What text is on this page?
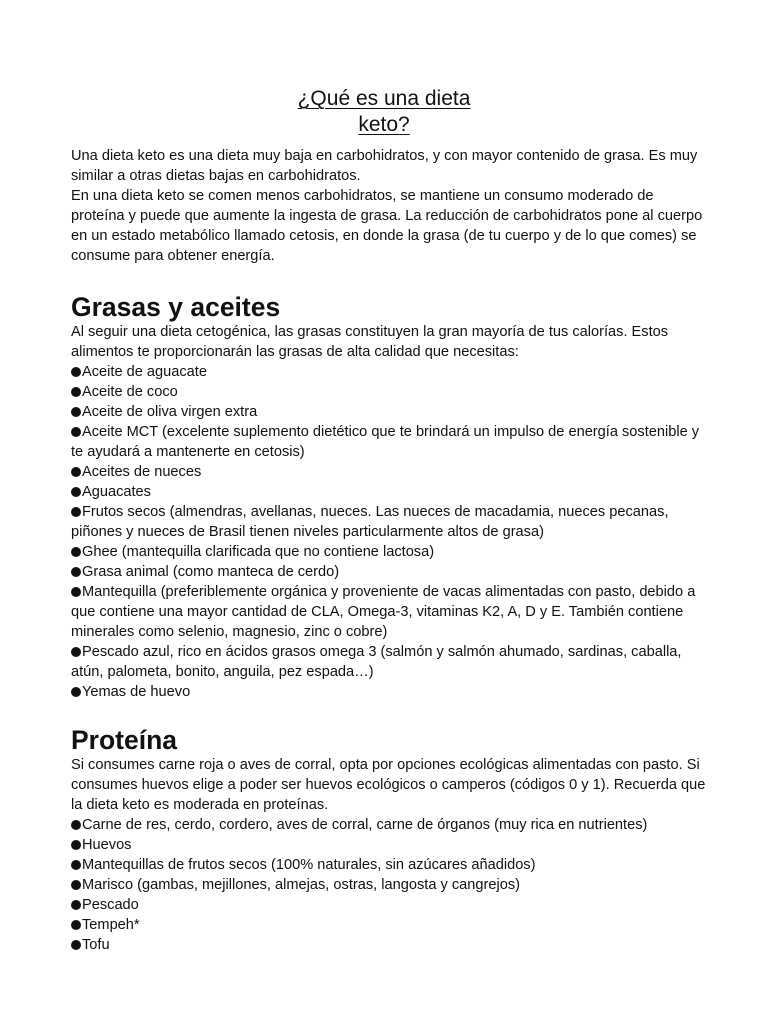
¿Qué es una dieta
keto?

Una dieta keto es una dieta muy baja en carbohidratos, y con mayor contenido de grasa. Es muy similar a otras dietas bajas en carbohidratos.

En una dieta keto se comen menos carbohidratos, se mantiene un consumo moderado de proteína y puede que aumente la ingesta de grasa. La reducción de carbohidratos pone al cuerpo en un estado metabólico llamado cetosis, en donde la grasa (de tu cuerpo y de lo que comes) se consume para obtener energía.

Grasas y aceites

Al seguir una dieta cetogénica, las grasas constituyen la gran mayoría de tus calorías. Estos alimentos te proporcionarán las grasas de alta calidad que necesitas:

Aceite de aguacate
Aceite de coco
Aceite de oliva virgen extra
Aceite MCT (excelente suplemento dietético que te brindará un impulso de energía sostenible y te ayudará a mantenerte en cetosis)
Aceites de nueces
Aguacates
Frutos secos (almendras, avellanas, nueces. Las nueces de macadamia, nueces pecanas, piñones y nueces de Brasil tienen niveles particularmente altos de grasa)
Ghee (mantequilla clarificada que no contiene lactosa)
Grasa animal (como manteca de cerdo)
Mantequilla (preferiblemente orgánica y proveniente de vacas alimentadas con pasto, debido a que contiene una mayor cantidad de CLA, Omega-3, vitaminas K2, A, D y E. También contiene minerales como selenio, magnesio, zinc o cobre)
Pescado azul, rico en ácidos grasos omega 3 (salmón y salmón ahumado, sardinas, caballa, atún, palometa, bonito, anguila, pez espada…)
Yemas de huevo
Proteína

Si consumes carne roja o aves de corral, opta por opciones ecológicas alimentadas con pasto. Si consumes huevos elige a poder ser huevos ecológicos o camperos (códigos 0 y 1). Recuerda que la dieta keto es moderada en proteínas.

Carne de res, cerdo, cordero, aves de corral, carne de órganos (muy rica en nutrientes)
Huevos
Mantequillas de frutos secos (100% naturales, sin azúcares añadidos)
Marisco (gambas, mejillones, almejas, ostras, langosta y cangrejos)
Pescado
Tempeh*
Tofu
